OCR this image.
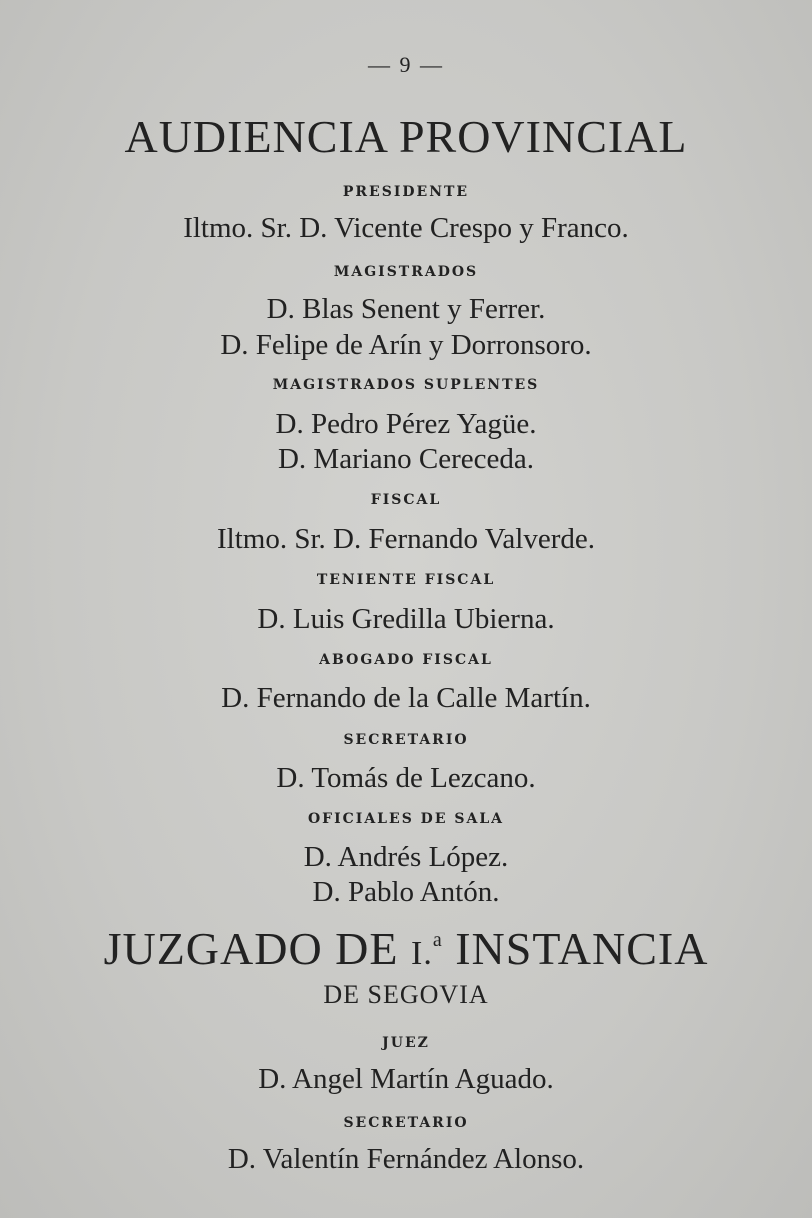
— 9 —
AUDIENCIA PROVINCIAL
PRESIDENTE
Iltmo. Sr. D. Vicente Crespo y Franco.
MAGISTRADOS
D. Blas Senent y Ferrer.
D. Felipe de Arín y Dorronsoro.
MAGISTRADOS SUPLENTES
D. Pedro Pérez Yagüe.
D. Mariano Cereceda.
FISCAL
Iltmo. Sr. D. Fernando Valverde.
TENIENTE FISCAL
D. Luis Gredilla Ubierna.
ABOGADO FISCAL
D. Fernando de la Calle Martín.
SECRETARIO
D. Tomás de Lezcano.
OFICIALES DE SALA
D. Andrés López.
D. Pablo Antón.
JUZGADO DE I.$^a$ INSTANCIA
DE SEGOVIA
JUEZ
D. Angel Martín Aguado.
SECRETARIO
D. Valentín Fernández Alonso.
